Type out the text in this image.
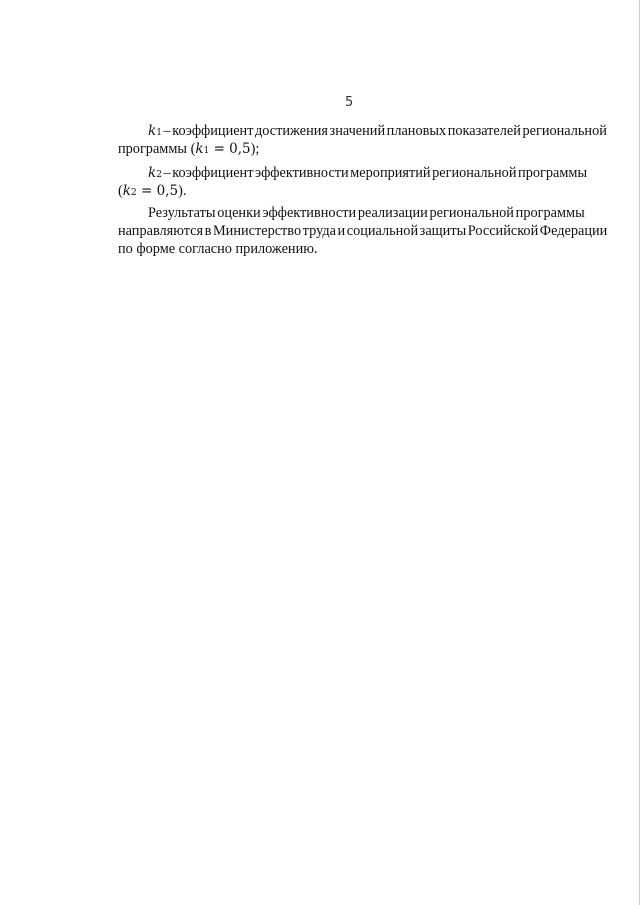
5
k1 – коэффициент достижения значений плановых показателей региональной
программы (k1 = 0,5);
k2 – коэффициент эффективности мероприятий региональной программы
(k2 = 0,5).
Результаты оценки эффективности реализации региональной программы
направляются в Министерство труда и социальной защиты Российской Федерации
по форме согласно приложению.
